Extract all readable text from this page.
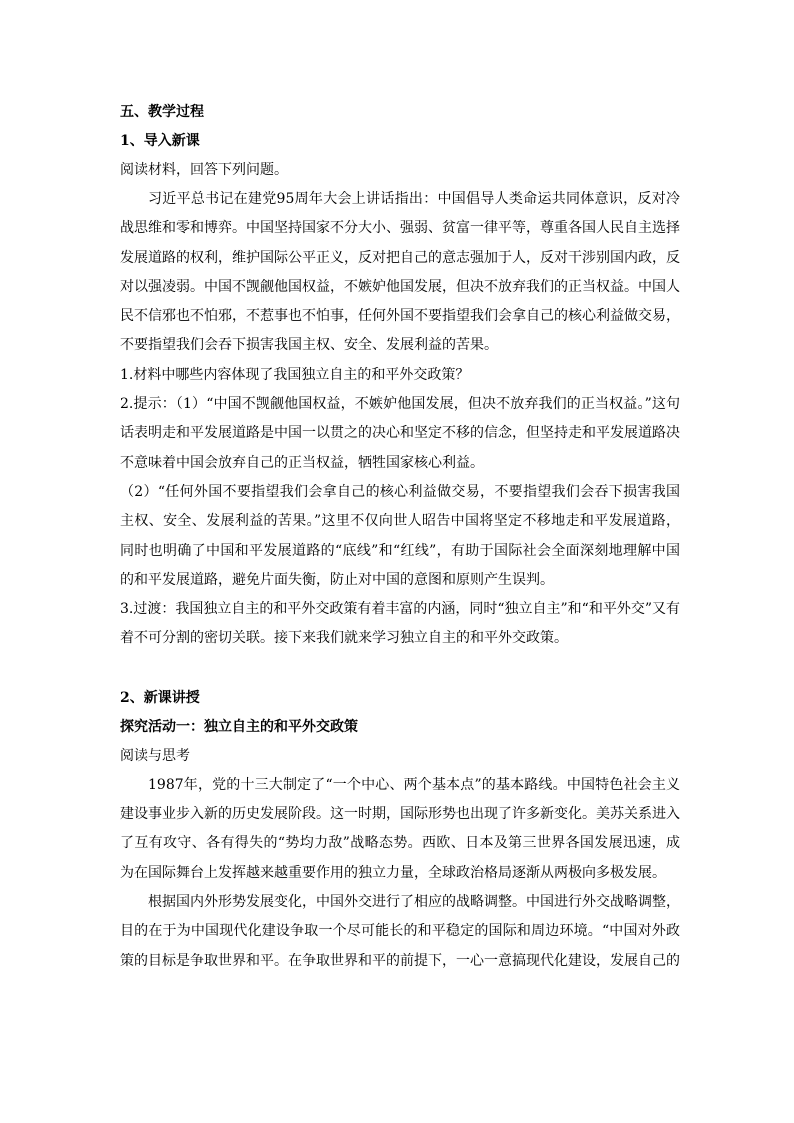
五、教学过程

1、导入新课

阅读材料，回答下列问题。

习近平总书记在建党95周年大会上讲话指出：中国倡导人类命运共同体意识，反对冷战思维和零和博弈。中国坚持国家不分大小、强弱、贫富一律平等，尊重各国人民自主选择发展道路的权利，维护国际公平正义，反对把自己的意志强加于人，反对干涉别国内政，反对以强凌弱。中国不觊觎他国权益，不嫉妒他国发展，但决不放弃我们的正当权益。中国人民不信邪也不怕邪，不惹事也不怕事，任何外国不要指望我们会拿自己的核心利益做交易，不要指望我们会吞下损害我国主权、安全、发展利益的苦果。

1.材料中哪些内容体现了我国独立自主的和平外交政策？

2.提示：（1）“中国不觊觎他国权益，不嫉妒他国发展，但决不放弃我们的正当权益。”这句话表明走和平发展道路是中国一以贯之的决心和坚定不移的信念，但坚持走和平发展道路决不意味着中国会放弃自己的正当权益，牺牲国家核心利益。

（2）“任何外国不要指望我们会拿自己的核心利益做交易，不要指望我们会吞下损害我国主权、安全、发展利益的苦果。”这里不仅向世人昭告中国将坚定不移地走和平发展道路，同时也明确了中国和平发展道路的“底线”和“红线”，有助于国际社会全面深刻地理解中国的和平发展道路，避免片面失衡，防止对中国的意图和原则产生误判。

3.过渡：我国独立自主的和平外交政策有着丰富的内涵，同时“独立自主”和“和平外交”又有着不可分割的密切关联。接下来我们就来学习独立自主的和平外交政策。

2、新课讲授

探究活动一：独立自主的和平外交政策

阅读与思考

1987年，党的十三大制定了“一个中心、两个基本点”的基本路线。中国特色社会主义建设事业步入新的历史发展阶段。这一时期，国际形势也出现了许多新变化。美苏关系进入了互有攻守、各有得失的“势均力敌”战略态势。西欧、日本及第三世界各国发展迅速，成为在国际舞台上发挥越来越重要作用的独立力量，全球政治格局逐渐从两极向多极发展。

根据国内外形势发展变化，中国外交进行了相应的战略调整。中国进行外交战略调整，目的在于为中国现代化建设争取一个尽可能长的和平稳定的国际和周边环境。“中国对外政策的目标是争取世界和平。在争取世界和平的前提下，一心一意搞现代化建设，发展自己的
